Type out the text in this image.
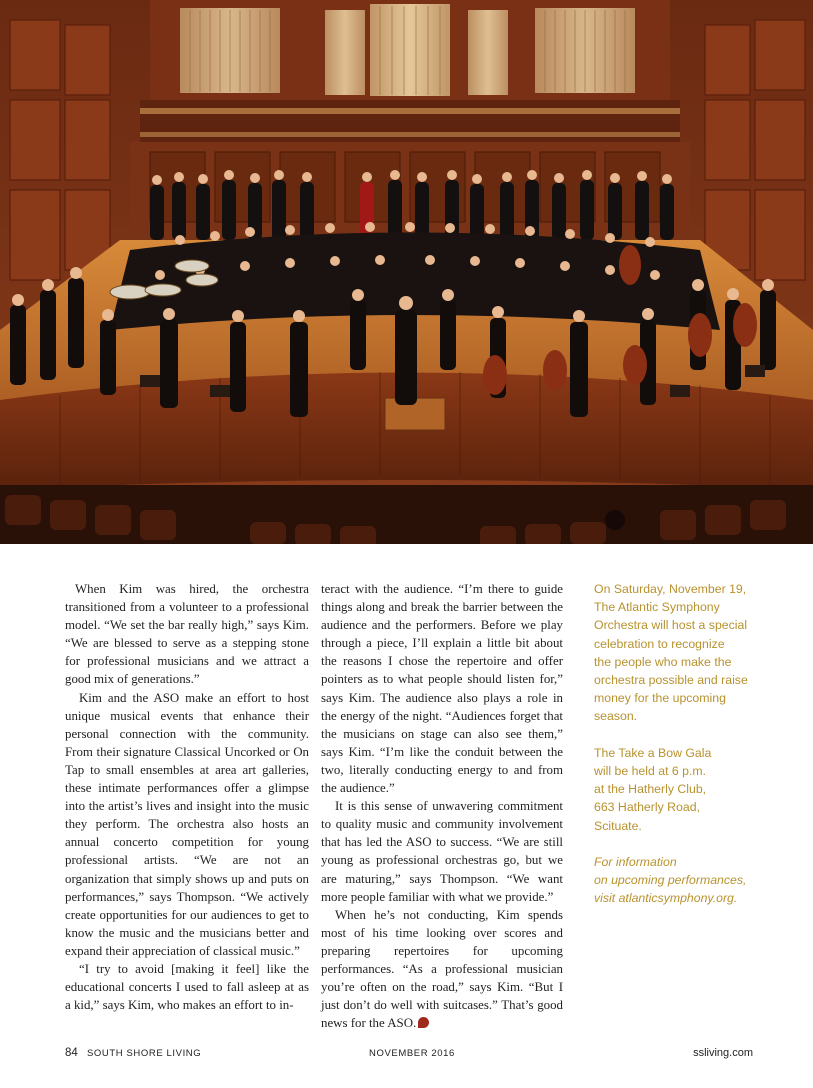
When Kim was hired, the orchestra transitioned from a volunteer to a professional model. “We set the bar really high,” says Kim. “We are blessed to serve as a stepping stone for professional musicians and we attract a good mix of generations.”

Kim and the ASO make an effort to host unique musical events that enhance their personal connection with the community. From their signature Classical Uncorked or On Tap to small ensembles at area art galleries, these intimate performances offer a glimpse into the artist’s lives and insight into the music they perform. The orchestra also hosts an annual concerto competition for young professional artists. “We are not an organization that simply shows up and puts on performances,” says Thompson. “We actively create opportunities for our audiences to get to know the music and the musicians better and expand their appreciation of classical music.”

“I try to avoid [making it feel] like the educational concerts I used to fall asleep at as a kid,” says Kim, who makes an effort to in-

teract with the audience. “I’m there to guide things along and break the barrier between the audience and the performers. Before we play through a piece, I’ll explain a little bit about the reasons I chose the repertoire and offer pointers as to what people should listen for,” says Kim. The audience also plays a role in the energy of the night. “Audiences forget that the musicians on stage can also see them,” says Kim. “I’m like the conduit between the two, literally conducting energy to and from the audience.”

It is this sense of unwavering commitment to quality music and community involvement that has led the ASO to success. “We are still young as professional orchestras go, but we are maturing,” says Thompson. “We want more people familiar with what we provide.”

When he’s not conducting, Kim spends most of his time looking over scores and preparing repertoires for upcoming performances. “As a professional musician you’re often on the road,” says Kim. “But I just don’t do well with suitcases.” That’s good news for the ASO.

On Saturday, November 19,
The Atlantic Symphony
Orchestra will host a special
celebration to recognize
the people who make the
orchestra possible and raise
money for the upcoming
season.

The Take a Bow Gala
will be held at 6 p.m.
at the Hatherly Club,
663 Hatherly Road,
Scituate.

For information
on upcoming performances,
visit atlanticsymphony.org.

84 SOUTH SHORE LIVING	NOVEMBER 2016	ssliving.com
